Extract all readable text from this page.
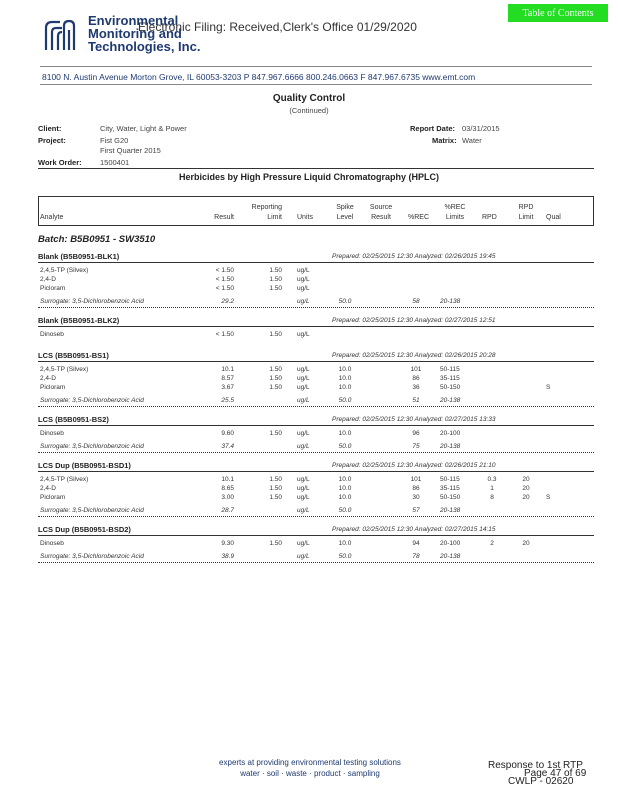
Environmental
Monitoring and
Technologies, Inc.
Electronic Filing: Received,Clerk's Office 01/29/2020
Table of Contents
8100 N. Austin Avenue Morton Grove, IL 60053-3203 P 847.967.6666 800.246.0663 F 847.967.6735 www.emt.com
Quality Control
(Continued)
Client:	City, Water, Light & Power
Project:	Fist G20
First Quarter 2015
Work Order: 1500401
Report Date: 03/31/2015
Matrix: Water
Herbicides by High Pressure Liquid Chromatography (HPLC)
Analyte	Result
Reporting
Limit Units
Spike
Level
Source
Result	%REC
%REC
Limits	RPD
RPD
Limit	Qual
Batch: B5B0951 - SW3510
Blank (B5B0951-BLK1)	Prepared: 02/25/2015 12:30 Analyzed: 02/26/2015 19:45
2,4,5-TP (Silvex)	< 1.50	1.50 ug/L
2,4-D	< 1.50	1.50 ug/L
Picloram	< 1.50	1.50 ug/L
Surrogate: 3,5-Dichlorobenzoic Acid	29.2	ug/L	50.0	58	20-138
Blank (B5B0951-BLK2)	Prepared: 02/25/2015 12:30 Analyzed: 02/27/2015 12:51
Dinoseb	< 1.50	1.50 ug/L
LCS (B5B0951-BS1)	Prepared: 02/25/2015 12:30 Analyzed: 02/26/2015 20:28
2,4,5-TP (Silvex)	10.1	1.50 ug/L	10.0	101	50-115
2,4-D	8.57	1.50 ug/L	10.0	86	35-115
Picloram	3.67	1.50 ug/L	10.0	36	50-150	S
Surrogate: 3,5-Dichlorobenzoic Acid	25.5	ug/L	50.0	51	20-138
LCS (B5B0951-BS2)	Prepared: 02/25/2015 12:30 Analyzed: 02/27/2015 13:33
Dinoseb	9.60	1.50 ug/L	10.0	96	20-100
Surrogate: 3,5-Dichlorobenzoic Acid	37.4	ug/L	50.0	75	20-138
LCS Dup (B5B0951-BSD1)	Prepared: 02/25/2015 12:30 Analyzed: 02/26/2015 21:10
2,4,5-TP (Silvex)	10.1	1.50 ug/L	10.0	101	50-115	0.3	20
2,4-D	8.65	1.50 ug/L	10.0	86	35-115	1	20
Picloram	3.00	1.50 ug/L	10.0	30	50-150	8	20	S
Surrogate: 3,5-Dichlorobenzoic Acid	28.7	ug/L	50.0	57	20-138
LCS Dup (B5B0951-BSD2)	Prepared: 02/25/2015 12:30 Analyzed: 02/27/2015 14:15
Dinoseb	9.30	1.50 ug/L	10.0	94	20-100	2	20
Surrogate: 3,5-Dichlorobenzoic Acid	38.9	ug/L	50.0	78	20-138
experts at providing environmental testing solutions
water · soil · waste · product · sampling
Response to 1st RTP
Page 47 of 69
CWLP - 02620
